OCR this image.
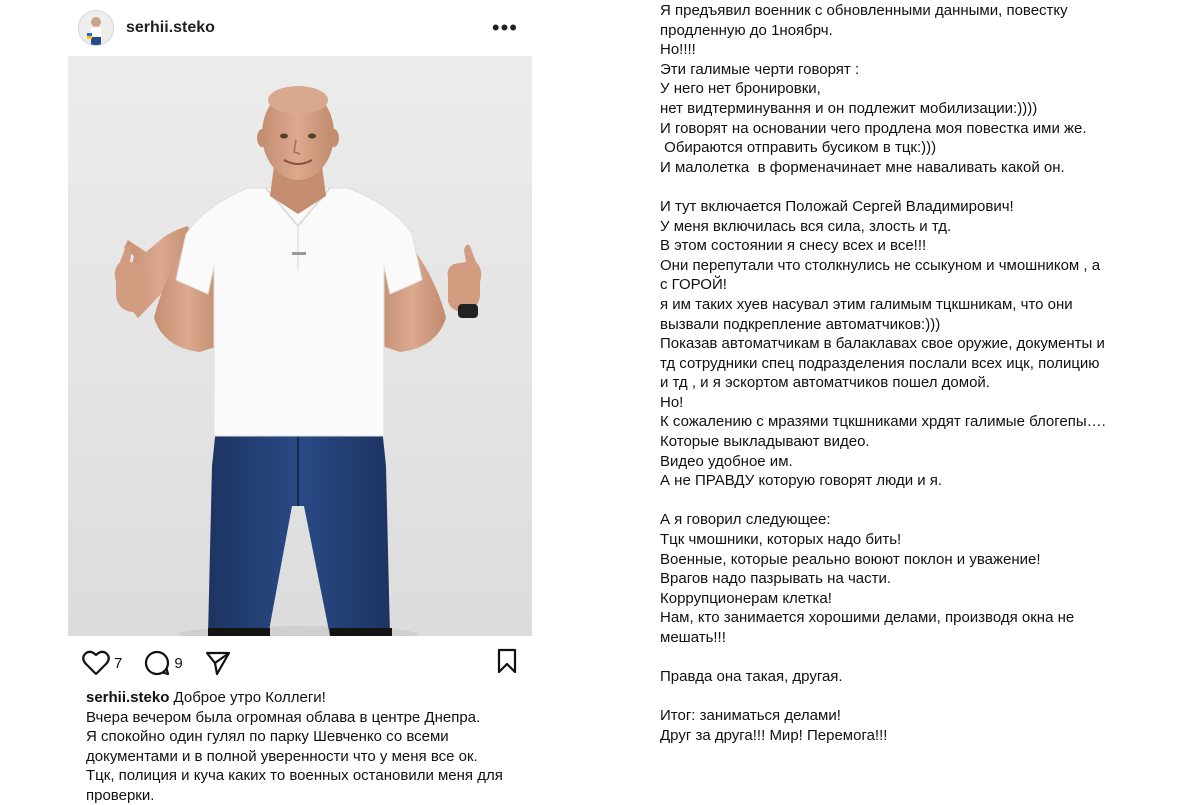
serhii.steko	•••
7	9

serhii.steko Доброе утро Коллеги!

Вчера вечером была огромная облава в центре Днепра.

Я спокойно один гулял по парку Шевченко со всеми документами и в полной уверенности что у меня все ок.

Тцк, полиция и куча каких то военных остановили меня для проверки.

Я предъявил военник с обновленными данными, повестку продленную до 1ноябрч.
Но!!!!
Эти галимые черти говорят :
У него нет бронировки,
нет видтерминування и он подлежит мобилизации:))))
И говорят на основании чего продлена моя повестка ими же.
Обираются отправить бусиком в тцк:)))
И малолетка  в форменачинает мне наваливать какой он.
И тут включается Положай Сергей Владимирович!
У меня включилась вся сила, злость и тд.
В этом состоянии я снесу всех и все!!!
Они перепутали что столкнулись не ссыкуном и чмошником , а с ГОРОЙ!
я им таких хуев насувал этим галимым тцкшникам, что они вызвали подкрепление автоматчиков:)))
Показав автоматчикам в балаклавах свое оружие, документы и тд сотрудники спец подразделения послали всех ицк, полицию и тд , и я эскортом автоматчиков пошел домой.
Но!
К сожалению с мразями тцкшниками хрдят галимые блогепы….
Которые выкладывают видео.
Видео удобное им.
А не ПРАВДУ которую говорят люди и я.
А я говорил следующее:
Тцк чмошники, которых надо бить!
Военные, которые реально воюют поклон и уважение!
Врагов надо пазрывать на части.
Коррупционерам клетка!
Нам, кто занимается хорошими делами, производя окна не мешать!!!
Правда она такая, другая.
Итог: заниматься делами!
Друг за друга!!! Мир! Перемога!!!
